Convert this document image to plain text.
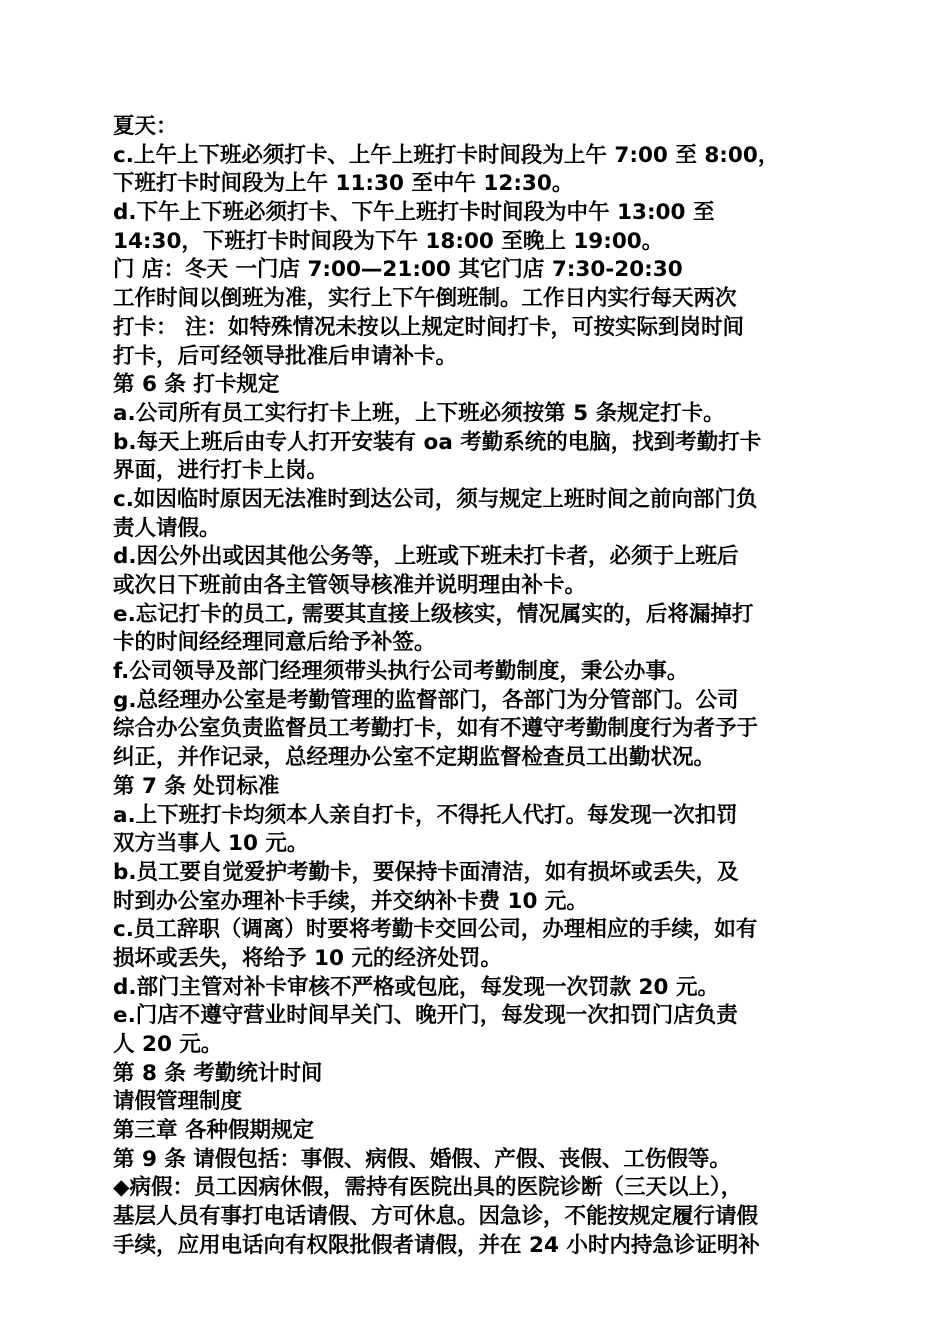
夏天：
c.上午上下班必须打卡、上午上班打卡时间段为上午 7:00 至 8:00，
下班打卡时间段为上午 11:30 至中午 12:30。
d.下午上下班必须打卡、下午上班打卡时间段为中午 13:00 至
14:30，下班打卡时间段为下午 18:00 至晚上 19:00。
门 店：冬天 一门店 7:00—21:00 其它门店 7:30-20:30
工作时间以倒班为准，实行上下午倒班制。工作日内实行每天两次
打卡： 注：如特殊情况未按以上规定时间打卡，可按实际到岗时间
打卡，后可经领导批准后申请补卡。
第 6 条 打卡规定
a.公司所有员工实行打卡上班，上下班必须按第 5 条规定打卡。
b.每天上班后由专人打开安装有 oa 考勤系统的电脑，找到考勤打卡
界面，进行打卡上岗。
c.如因临时原因无法准时到达公司，须与规定上班时间之前向部门负
责人请假。
d.因公外出或因其他公务等，上班或下班未打卡者，必须于上班后
或次日下班前由各主管领导核准并说明理由补卡。
e.忘记打卡的员工, 需要其直接上级核实，情况属实的，后将漏掉打
卡的时间经经理同意后给予补签。
f.公司领导及部门经理须带头执行公司考勤制度，秉公办事。
g.总经理办公室是考勤管理的监督部门，各部门为分管部门。公司
综合办公室负责监督员工考勤打卡，如有不遵守考勤制度行为者予于
纠正，并作记录，总经理办公室不定期监督检查员工出勤状况。
第 7 条 处罚标准
a.上下班打卡均须本人亲自打卡，不得托人代打。每发现一次扣罚
双方当事人 10 元。
b.员工要自觉爱护考勤卡，要保持卡面清洁，如有损坏或丢失，及
时到办公室办理补卡手续，并交纳补卡费 10 元。
c.员工辞职（调离）时要将考勤卡交回公司，办理相应的手续，如有
损坏或丢失，将给予 10 元的经济处罚。
d.部门主管对补卡审核不严格或包庇，每发现一次罚款 20 元。
e.门店不遵守营业时间早关门、晚开门，每发现一次扣罚门店负责
人 20 元。
第 8 条 考勤统计时间
请假管理制度
第三章 各种假期规定
第 9 条 请假包括：事假、病假、婚假、产假、丧假、工伤假等。
◆病假：员工因病休假，需持有医院出具的医院诊断（三天以上），
基层人员有事打电话请假、方可休息。因急诊，不能按规定履行请假
手续，应用电话向有权限批假者请假，并在 24 小时内持急诊证明补
